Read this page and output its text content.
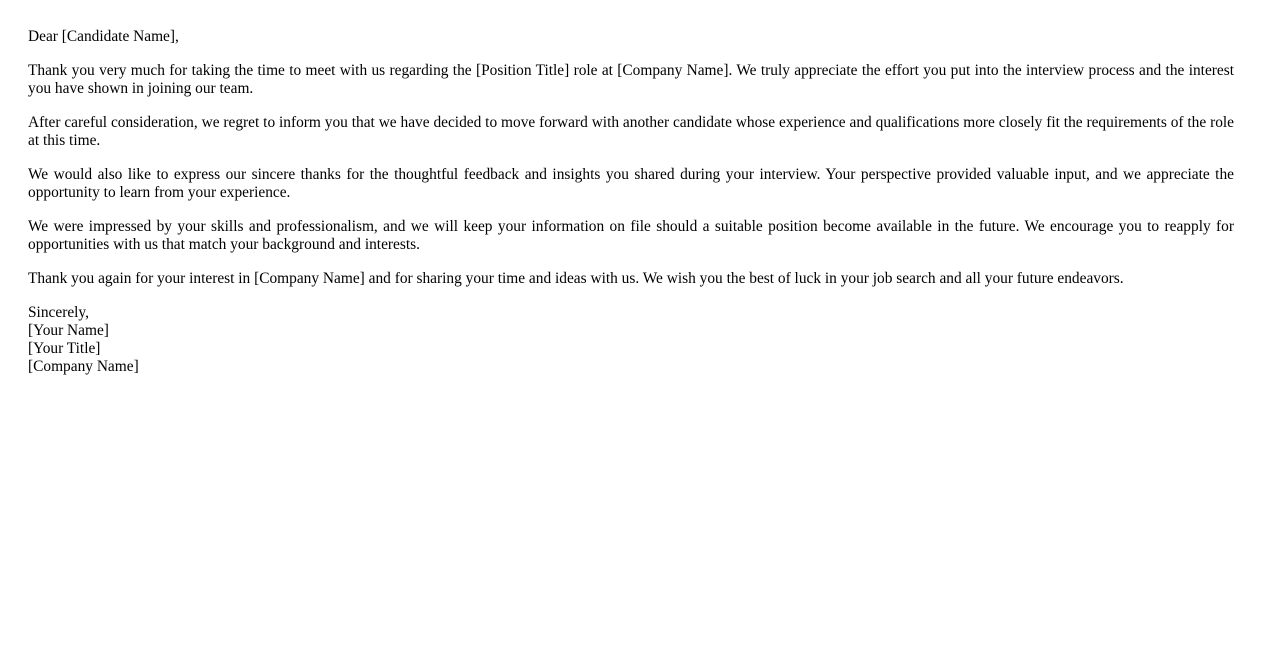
Dear [Candidate Name],

Thank you very much for taking the time to meet with us regarding the [Position Title] role at [Company Name]. We truly appreciate the effort you put into the interview process and the interest you have shown in joining our team.

After careful consideration, we regret to inform you that we have decided to move forward with another candidate whose experience and qualifications more closely fit the requirements of the role at this time.

We would also like to express our sincere thanks for the thoughtful feedback and insights you shared during your interview. Your perspective provided valuable input, and we appreciate the opportunity to learn from your experience.

We were impressed by your skills and professionalism, and we will keep your information on file should a suitable position become available in the future. We encourage you to reapply for opportunities with us that match your background and interests.

Thank you again for your interest in [Company Name] and for sharing your time and ideas with us. We wish you the best of luck in your job search and all your future endeavors.

Sincerely,
[Your Name]
[Your Title]
[Company Name]
